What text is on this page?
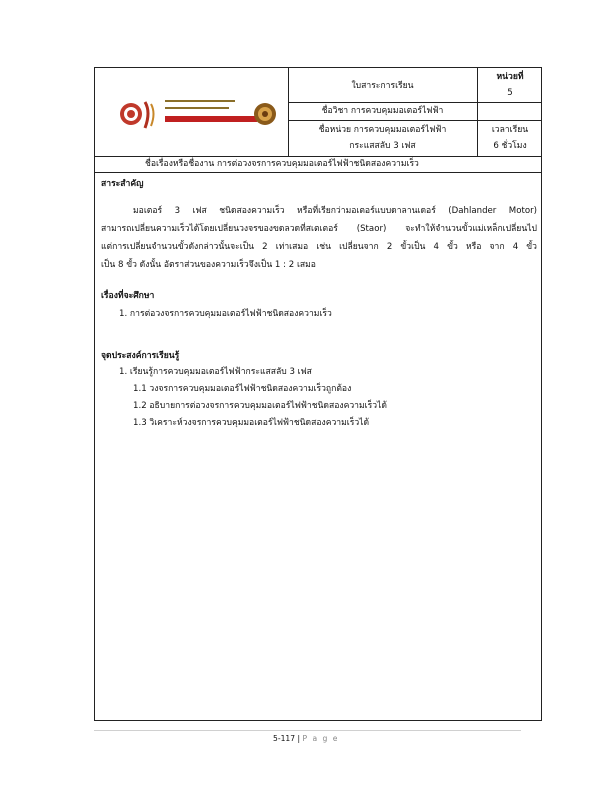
ใบสาระการเรียน
หน่วยที่
5
ชื่อวิชา การควบคุมมอเตอร์ไฟฟ้า
ชื่อหน่วย การควบคุมมอเตอร์ไฟฟ้า
กระแสสลับ 3 เฟส
เวลาเรียน
6 ชั่วโมง
ชื่อเรื่องหรือชื่องาน การต่อวงจรการควบคุมมอเตอร์ไฟฟ้าชนิดสองความเร็ว
สาระสำคัญ
มอเตอร์ 3 เฟส ชนิดสองความเร็ว หรือที่เรียกว่ามอเตอร์แบบดาลานเดอร์ (Dahlander Motor)
สามารถเปลี่ยนความเร็วได้โดยเปลี่ยนวงจรของขดลวดที่สเตเตอร์ (Staor) จะทำให้จำนวนขั้วแม่เหล็กเปลี่ยนไป
แต่การเปลี่ยนจำนวนขั้วดังกล่าวนั้นจะเป็น 2 เท่าเสมอ เช่น เปลี่ยนจาก 2 ขั้วเป็น 4 ขั้ว หรือ จาก 4 ขั้ว
เป็น 8 ขั้ว ดังนั้น อัตราส่วนของความเร็วจึงเป็น 1 : 2 เสมอ
เรื่องที่จะศึกษา
1. การต่อวงจรการควบคุมมอเตอร์ไฟฟ้าชนิดสองความเร็ว
จุดประสงค์การเรียนรู้
1. เรียนรู้การควบคุมมอเตอร์ไฟฟ้ากระแสสลับ 3 เฟส
1.1 วงจรการควบคุมมอเตอร์ไฟฟ้าชนิดสองความเร็วถูกต้อง
1.2 อธิบายการต่อวงจรการควบคุมมอเตอร์ไฟฟ้าชนิดสองความเร็วได้
1.3 วิเคราะห์วงจรการควบคุมมอเตอร์ไฟฟ้าชนิดสองความเร็วได้
5-117 | P a g e
